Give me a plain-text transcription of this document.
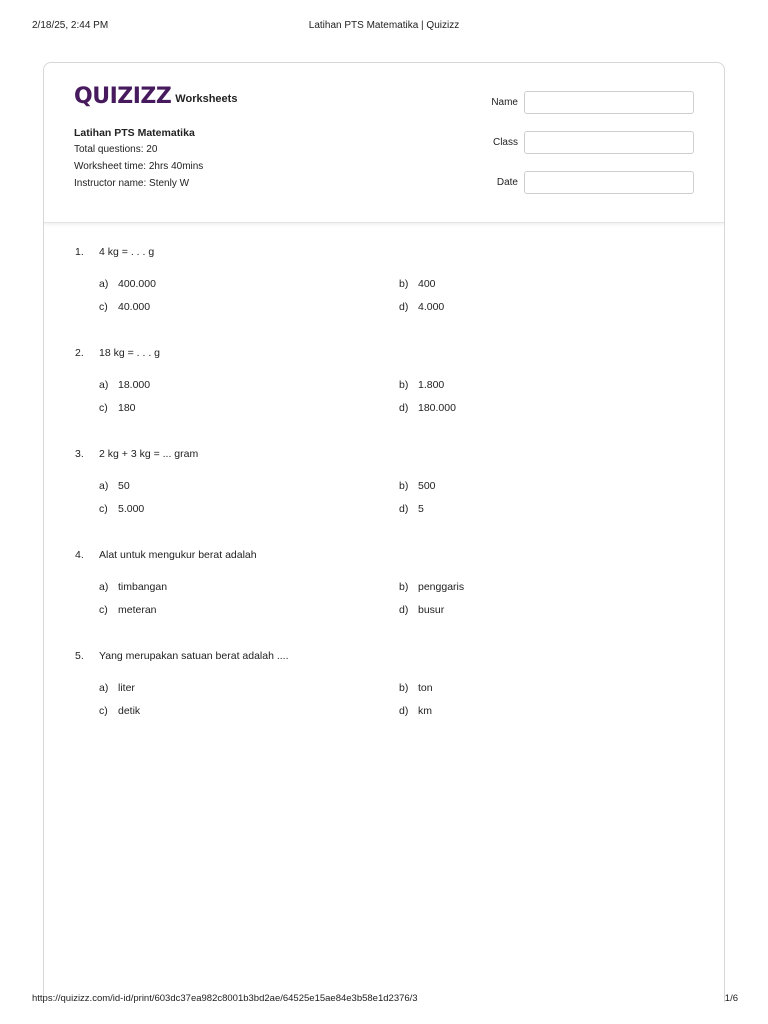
2/18/25, 2:44 PM	Latihan PTS Matematika | Quizizz
QUIZIZZ Worksheets
Latihan PTS Matematika
Total questions: 20
Worksheet time: 2hrs 40mins
Instructor name: Stenly W
Name
Class
Date
1. 4 kg = . . . g
a) 400.000	b) 400
c) 40.000	d) 4.000
2. 18 kg = . . . g
a) 18.000	b) 1.800
c) 180	d) 180.000
3. 2 kg + 3 kg = ... gram
a) 50	b) 500
c) 5.000	d) 5
4. Alat untuk mengukur berat adalah
a) timbangan	b) penggaris
c) meteran	d) busur
5. Yang merupakan satuan berat adalah ....
a) liter	b) ton
c) detik	d) km
https://quizizz.com/id-id/print/603dc37ea982c8001b3bd2ae/64525e15ae84e3b58e1d2376/3	1/6
